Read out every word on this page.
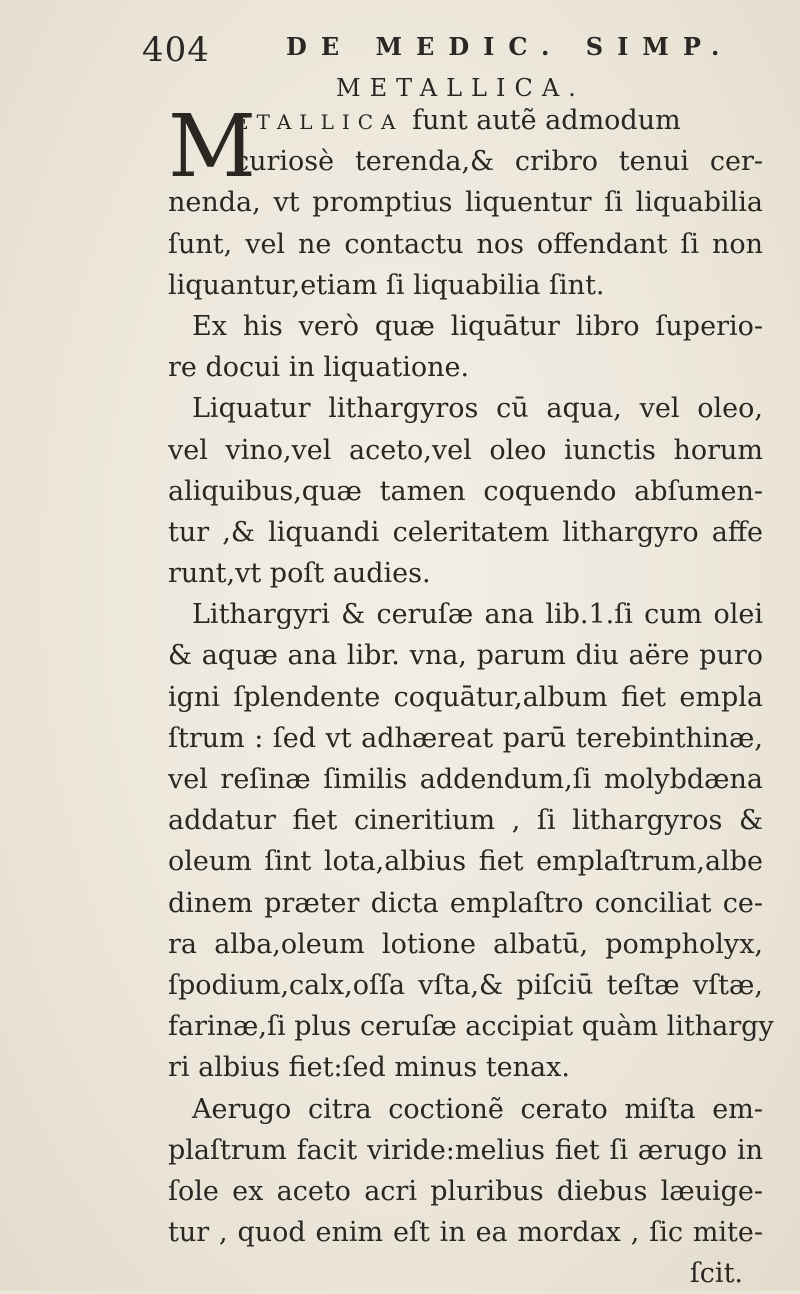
404	DE MEDIC. SIMP.
METALLICA.
M
ETALLICA funt autẽ admodum
curiosè terenda,& cribro tenui cer-
nenda, vt promptius liquentur ſi liquabilia
ſunt, vel ne contactu nos offendant ſi non
liquantur,etiam ſi liquabilia ſint.
Ex his verò quæ liquātur libro ſuperio-
re docui in liquatione.
Liquatur lithargyros cū aqua, vel oleo,
vel vino,vel aceto,vel oleo iunctis horum
aliquibus,quæ tamen coquendo abſumen-
tur ,& liquandi celeritatem lithargyro affe
runt,vt poſt audies.
Lithargyri & ceruſæ ana lib.1.ſi cum olei
& aquæ ana libr. vna, parum diu aëre puro
igni ſplendente coquātur,album fiet empla
ſtrum : ſed vt adhæreat parū terebinthinæ,
vel reſinæ ſimilis addendum,ſi molybdæna
addatur fiet cineritium , ſi lithargyros &
oleum ſint lota,albius fiet emplaſtrum,albe
dinem præter dicta emplaſtro conciliat ce-
ra alba,oleum lotione albatū, pompholyx,
ſpodium,calx,oſſa vſta,& piſciū teſtæ vſtæ,
farinæ,ſi plus ceruſæ accipiat quàm lithargy
ri albius fiet:ſed minus tenax.
Aerugo citra coctionẽ cerato miſta em-
plaſtrum facit viride:melius fiet ſi ærugo in
ſole ex aceto acri pluribus diebus læuige-
tur , quod enim eſt in ea mordax , ſic mite-
ſcit.
